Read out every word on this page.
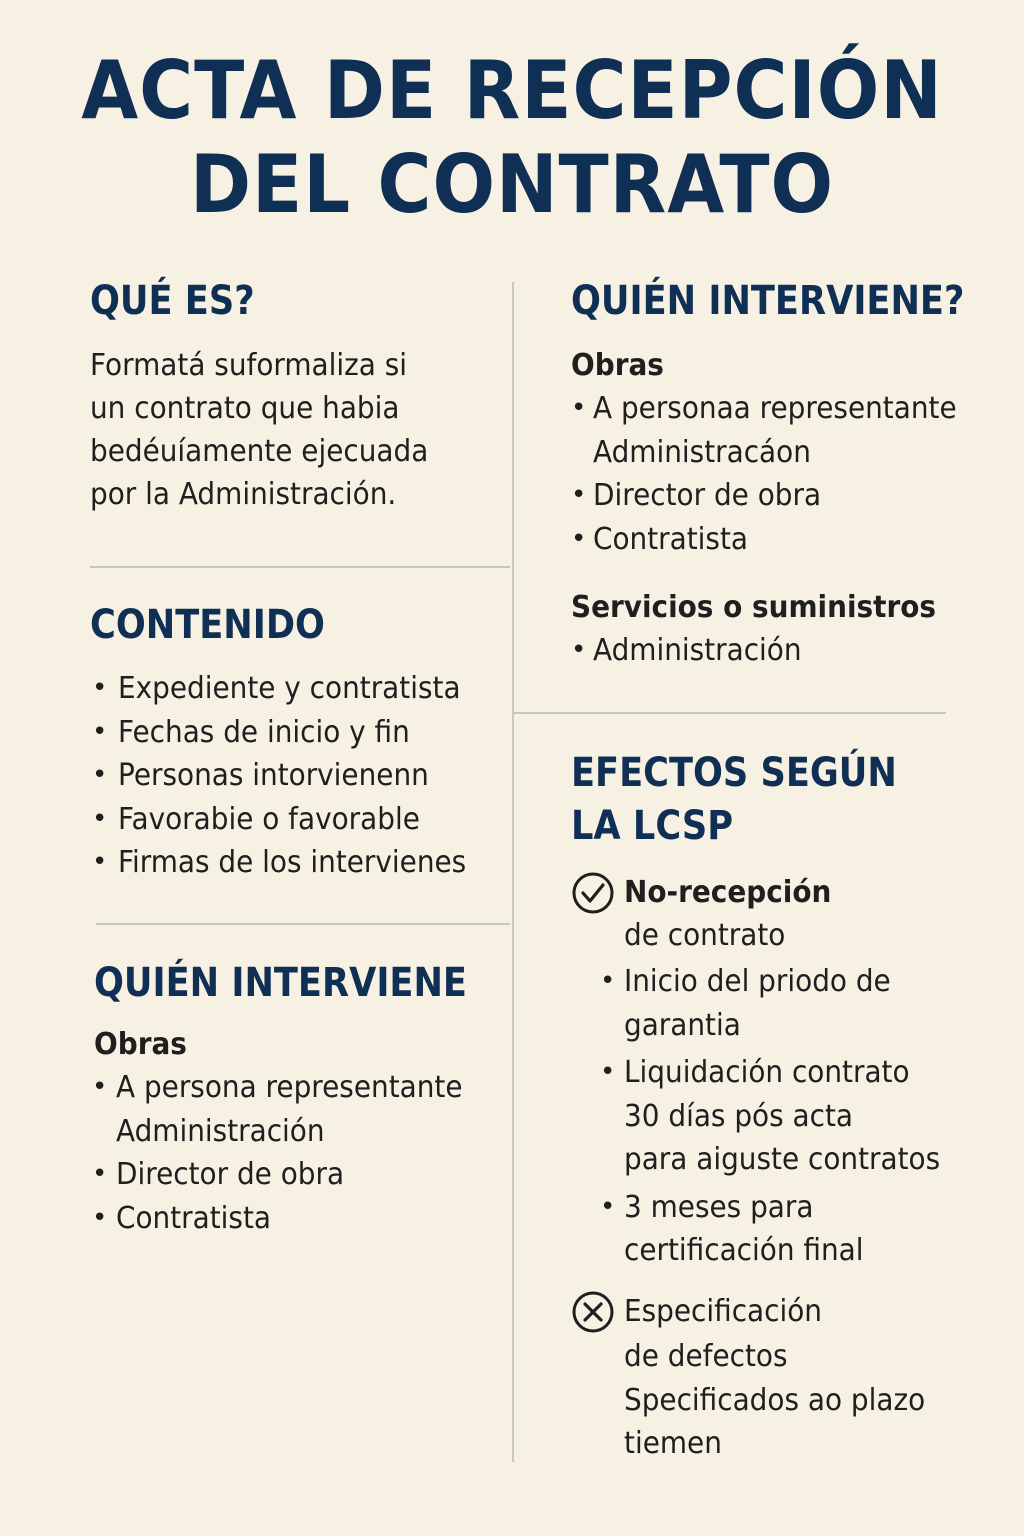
ACTA DE RECEPCIÓN
DEL CONTRATO
QUÉ ES?
Formatá suformaliza si
un contrato que habia
bedéuı́amente ejecuada
por la Administración.
CONTENIDO
• Expediente y contratista
• Fechas de inicio y fin
• Personas intorvienenn
• Favorabie o favorable
• Firmas de los intervienes
QUIÉN INTERVIENE
Obras
• A persona representante
Administración
• Director de obra
• Contratista
QUIÉN INTERVIENE?
Obras
• A personaa representante
Administracáon
• Director de obra
• Contratista
Servicios o suministros
• Administración
EFECTOS SEGÚN
LA LCSP
No-recepción
de contrato
• Inicio del priodo de
garantia
• Liquidación contrato
30 días pós acta
para aiguste contratos
• 3 meses para
certificación final
Especificación
de defectos
Specificados ao plazo
tiemen
